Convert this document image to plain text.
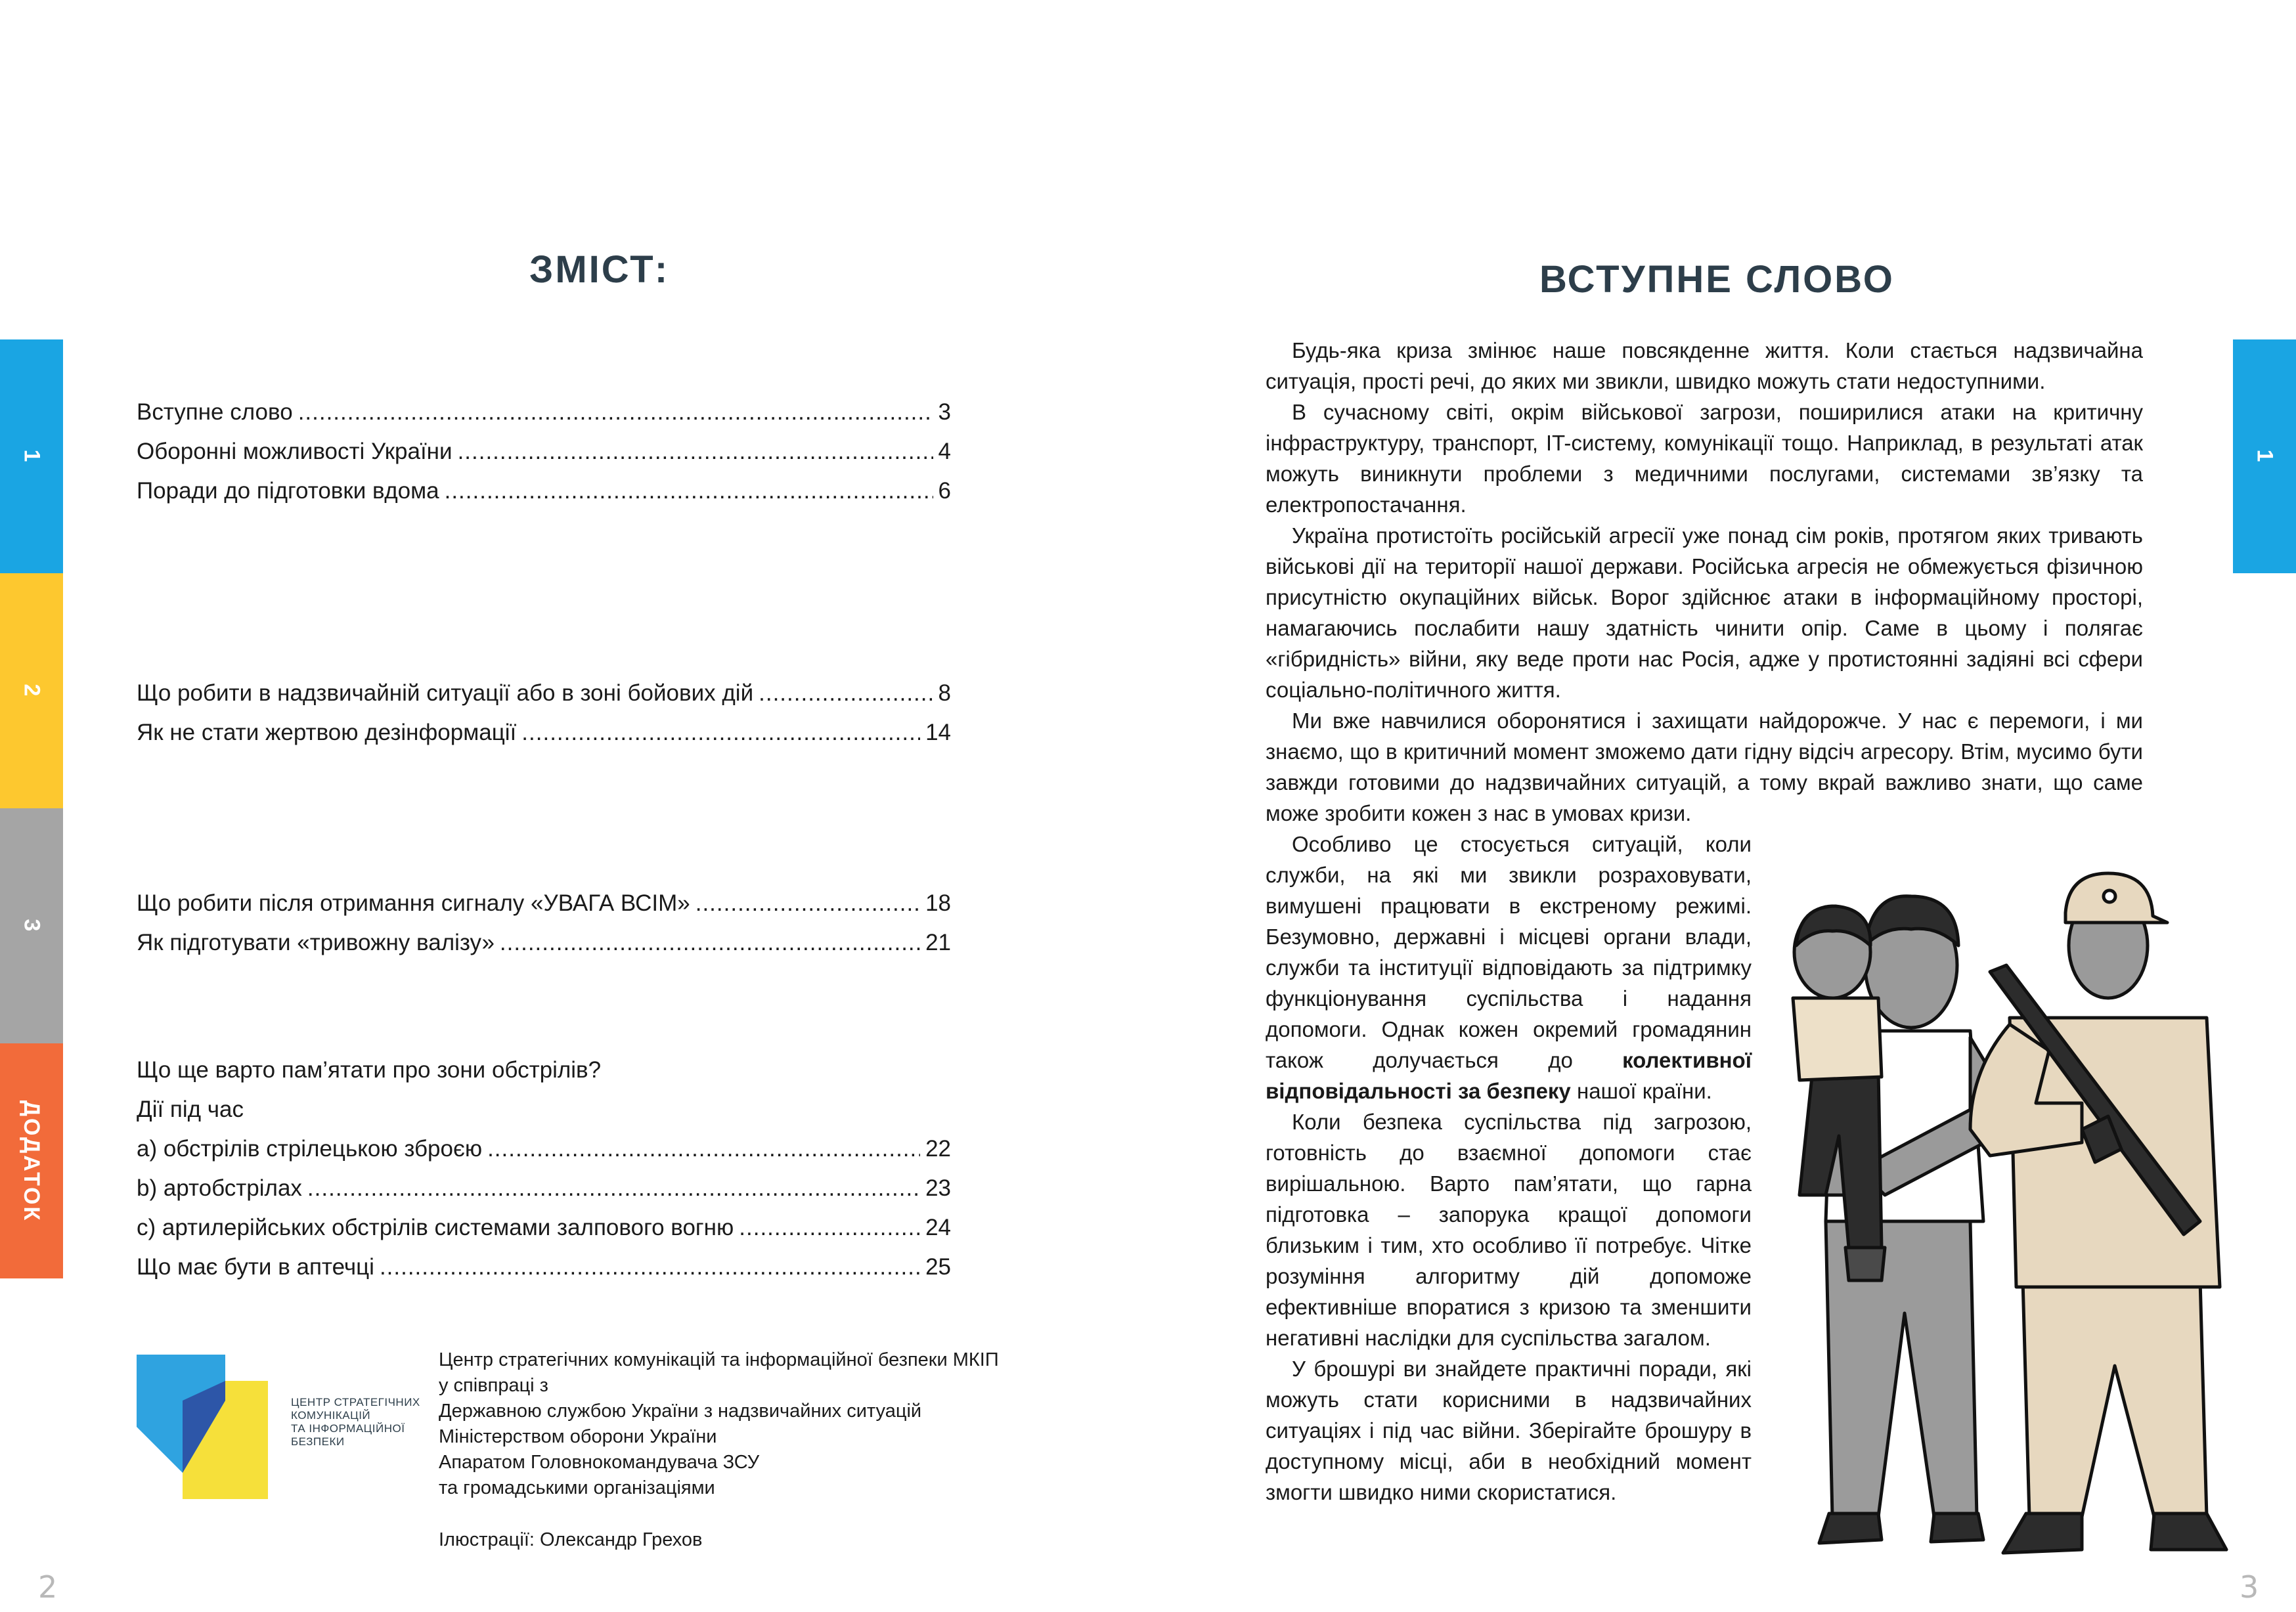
ЗМІСТ:
1
2
3
ДОДАТОК
Вступне слово .....	3
Оборонні можливості України .....	4
Поради до підготовки вдома .....	6
Що робити в надзвичайній ситуації або в зоні бойових дій .....	8
Як не стати жертвою дезінформації .....	14
Що робити після отримання сигналу «УВАГА ВСІМ» .....	18
Як підготувати «тривожну валізу» .....	21
Що ще варто пам’ятати про зони обстрілів?
Дії під час
a) обстрілів стрілецькою зброєю .....	22
b) артобстрілах .....	23
c) артилерійських обстрілів системами залпового вогню .....	24
Що має бути в аптечці .....	25
ЦЕНТР СТРАТЕГІЧНИХ
КОМУНІКАЦІЙ
ТА ІНФОРМАЦІЙНОЇ
БЕЗПЕКИ
Центр стратегічних комунікацій та інформаційної безпеки МКІП
у співпраці з
Державною службою України з надзвичайних ситуацій
Міністерством оборони України
Апаратом Головнокомандувача ЗСУ
та громадськими організаціями
Ілюстрації: Олександр Грехов
2
ВСТУПНЕ СЛОВО
1

Будь-яка криза змінює наше повсякденне життя. Коли стається надзвичайна ситуація, прості речі, до яких ми звикли, швидко можуть стати недоступними.

В сучасному світі, окрім військової загрози, поширилися атаки на критичну інфраструктуру, транспорт, IT-систему, комунікації тощо. Наприклад, в результаті атак можуть виникнути проблеми з медичними послугами, системами зв’язку та електропостачання.

Україна протистоїть російській агресії уже понад сім років, протягом яких тривають військові дії на території нашої держави. Російська агресія не обмежується фізичною присутністю окупаційних військ. Ворог здійснює атаки в інформаційному просторі, намагаючись послабити нашу здатність чинити опір. Саме в цьому і полягає «гібридність» війни, яку веде проти нас Росія, адже у протистоянні задіяні всі сфери соціально-політичного життя.

Ми вже навчилися оборонятися і захищати найдорожче. У нас є перемоги, і ми знаємо, що в критичний момент зможемо дати гідну відсіч агресору. Втім, мусимо бути завжди готовими до надзвичайних ситуацій, а тому вкрай важливо знати, що саме може зробити кожен з нас в умовах кризи.

Особливо це стосується ситуацій, коли служби, на які ми звикли розраховувати, вимушені працювати в екстреному режимі. Безумовно, державні і місцеві органи влади, служби та інституції відповідають за підтримку функціонування суспільства і надання допомоги. Однак кожен окремий громадянин також долучається до колективної відповідальності за безпеку нашої країни.

Коли безпека суспільства під загрозою, готовність до взаємної допомоги стає вирішальною. Варто пам’ятати, що гарна підготовка – запорука кращої допомоги близьким і тим, хто особливо її потребує. Чітке розуміння алгоритму дій допоможе ефективніше впоратися з кризою та зменшити негативні наслідки для суспільства загалом.

У брошурі ви знайдете практичні поради, які можуть стати корисними в надзвичайних ситуаціях і під час війни. Зберігайте брошуру в доступному місці, аби в необхідний момент змогти швидко ними скористатися.

3
